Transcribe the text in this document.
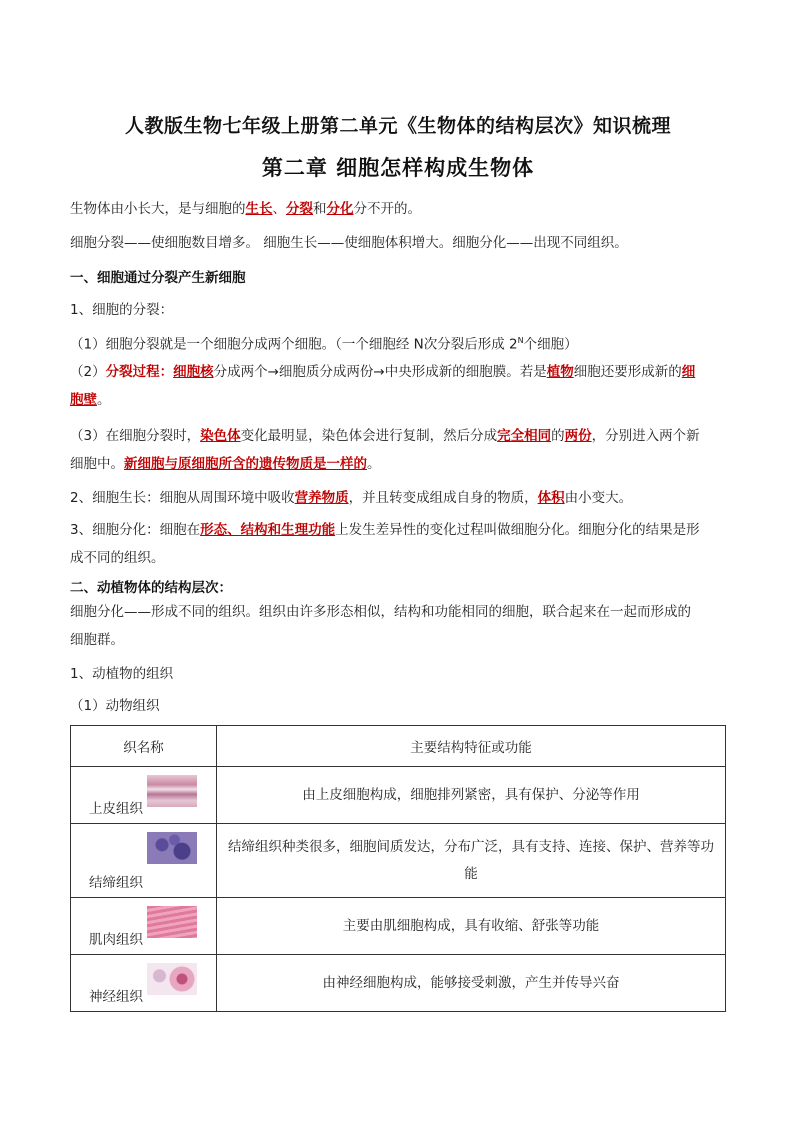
人教版生物七年级上册第二单元《生物体的结构层次》知识梳理
第二章 细胞怎样构成生物体
生物体由小长大，是与细胞的生长、分裂和分化分不开的。
细胞分裂——使细胞数目增多。 细胞生长——使细胞体积增大。细胞分化——出现不同组织。
一、细胞通过分裂产生新细胞
1、细胞的分裂：
（1）细胞分裂就是一个细胞分成两个细胞。（一个细胞经 N次分裂后形成 $2^N$个细胞）
（2）分裂过程：细胞核分成两个→细胞质分成两份→中央形成新的细胞膜。若是植物细胞还要形成新的细
胞壁。
（3）在细胞分裂时，染色体变化最明显，染色体会进行复制，然后分成完全相同的两份，分别进入两个新
细胞中。新细胞与原细胞所含的遗传物质是一样的。
2、细胞生长：细胞从周围环境中吸收营养物质，并且转变成组成自身的物质，体积由小变大。
3、细胞分化：细胞在形态、结构和生理功能上发生差异性的变化过程叫做细胞分化。细胞分化的结果是形
成不同的组织。
二、动植物体的结构层次：
细胞分化——形成不同的组织。组织由许多形态相似，结构和功能相同的细胞，联合起来在一起而形成的
细胞群。
1、动植物的组织
（1）动物组织
织名称	主要结构特征或功能

上皮组织	由上皮细胞构成，细胞排列紧密，具有保护、分泌等作用

结缔组织	结缔组织种类很多，细胞间质发达，分布广泛，具有支持、连接、保护、营养等功能

肌肉组织	主要由肌细胞构成，具有收缩、舒张等功能

神经组织	由神经细胞构成，能够接受刺激，产生并传导兴奋
